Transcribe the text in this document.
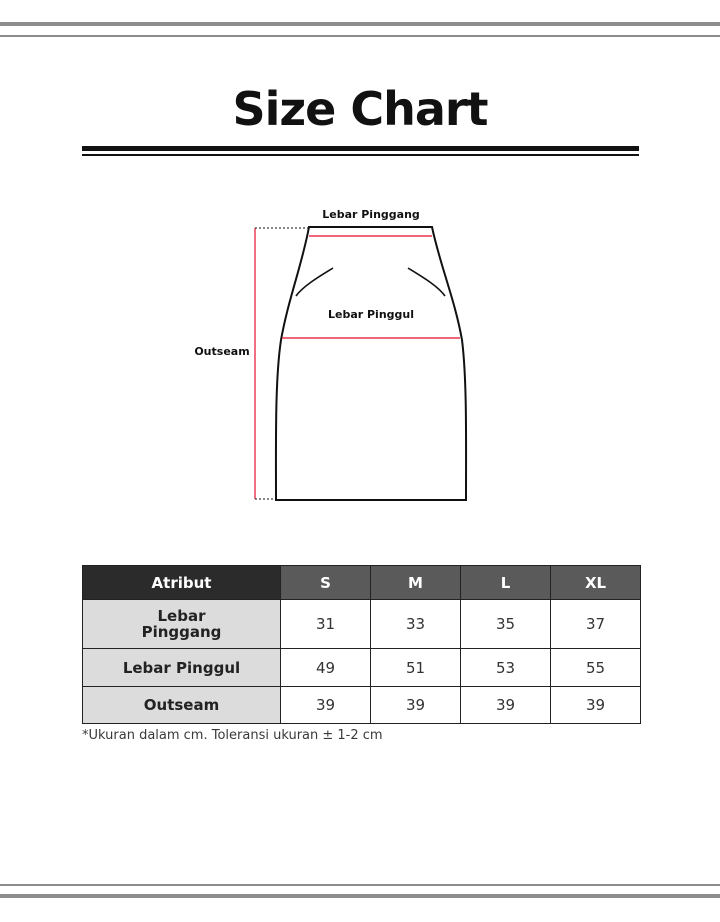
Size Chart
Lebar Pinggang
Lebar Pinggul
Outseam
Atribut	S	M	L	XL
Lebar
Pinggang	31	33	35	37
Lebar Pinggul	49	51	53	55
Outseam	39	39	39	39
*Ukuran dalam cm. Toleransi ukuran ± 1-2 cm
